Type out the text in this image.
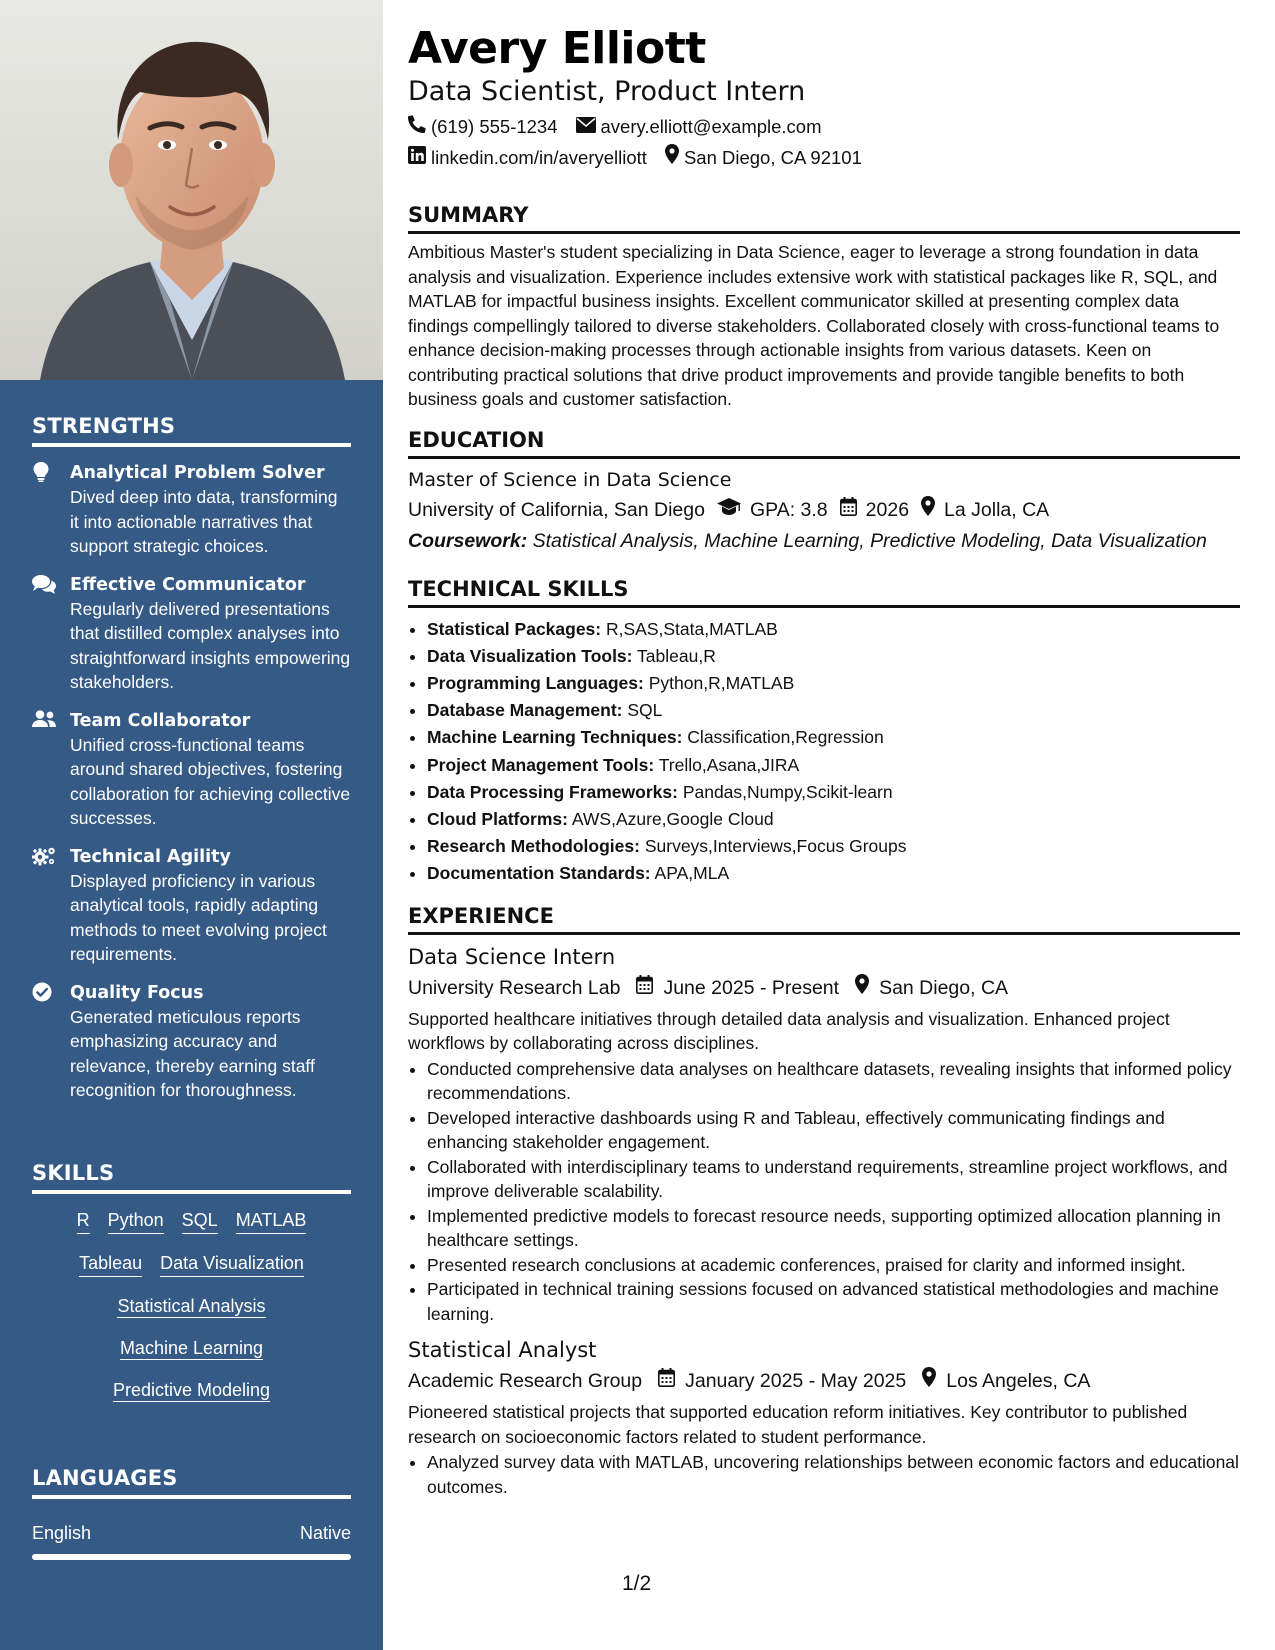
STRENGTHS
Analytical Problem Solver
Dived deep into data, transforming it into actionable narratives that support strategic choices.
Effective Communicator
Regularly delivered presentations that distilled complex analyses into straightforward insights empowering stakeholders.
Team Collaborator
Unified cross-functional teams around shared objectives, fostering collaboration for achieving collective successes.
Technical Agility
Displayed proficiency in various analytical tools, rapidly adapting methods to meet evolving project requirements.
Quality Focus
Generated meticulous reports emphasizing accuracy and relevance, thereby earning staff recognition for thoroughness.
SKILLS
R Python SQL MATLAB
Tableau Data Visualization
Statistical Analysis
Machine Learning
Predictive Modeling
LANGUAGES
English	Native
Avery Elliott
Data Scientist, Product Intern
(619) 555-1234 avery.elliott@example.com
linkedin.com/in/averyelliott San Diego, CA 92101
SUMMARY
Ambitious Master's student specializing in Data Science, eager to leverage a strong foundation in data analysis and visualization. Experience includes extensive work with statistical packages like R, SQL, and MATLAB for impactful business insights. Excellent communicator skilled at presenting complex data findings compellingly tailored to diverse stakeholders. Collaborated closely with cross-functional teams to enhance decision-making processes through actionable insights from various datasets. Keen on contributing practical solutions that drive product improvements and provide tangible benefits to both business goals and customer satisfaction.
EDUCATION
Master of Science in Data Science
University of California, San Diego GPA: 3.8 2026 La Jolla, CA
Coursework: Statistical Analysis, Machine Learning, Predictive Modeling, Data Visualization
TECHNICAL SKILLS
• Statistical Packages: R,SAS,Stata,MATLAB
• Data Visualization Tools: Tableau,R
• Programming Languages: Python,R,MATLAB
• Database Management: SQL
• Machine Learning Techniques: Classification,Regression
• Project Management Tools: Trello,Asana,JIRA
• Data Processing Frameworks: Pandas,Numpy,Scikit-learn
• Cloud Platforms: AWS,Azure,Google Cloud
• Research Methodologies: Surveys,Interviews,Focus Groups
• Documentation Standards: APA,MLA
EXPERIENCE
Data Science Intern
University Research Lab June 2025 - Present San Diego, CA
Supported healthcare initiatives through detailed data analysis and visualization. Enhanced project workflows by collaborating across disciplines.
• Conducted comprehensive data analyses on healthcare datasets, revealing insights that informed policy recommendations.
• Developed interactive dashboards using R and Tableau, effectively communicating findings and enhancing stakeholder engagement.
• Collaborated with interdisciplinary teams to understand requirements, streamline project workflows, and improve deliverable scalability.
• Implemented predictive models to forecast resource needs, supporting optimized allocation planning in healthcare settings.
• Presented research conclusions at academic conferences, praised for clarity and informed insight.
• Participated in technical training sessions focused on advanced statistical methodologies and machine learning.
Statistical Analyst
Academic Research Group January 2025 - May 2025 Los Angeles, CA
Pioneered statistical projects that supported education reform initiatives. Key contributor to published research on socioeconomic factors related to student performance.
• Analyzed survey data with MATLAB, uncovering relationships between economic factors and educational outcomes.
1/2
